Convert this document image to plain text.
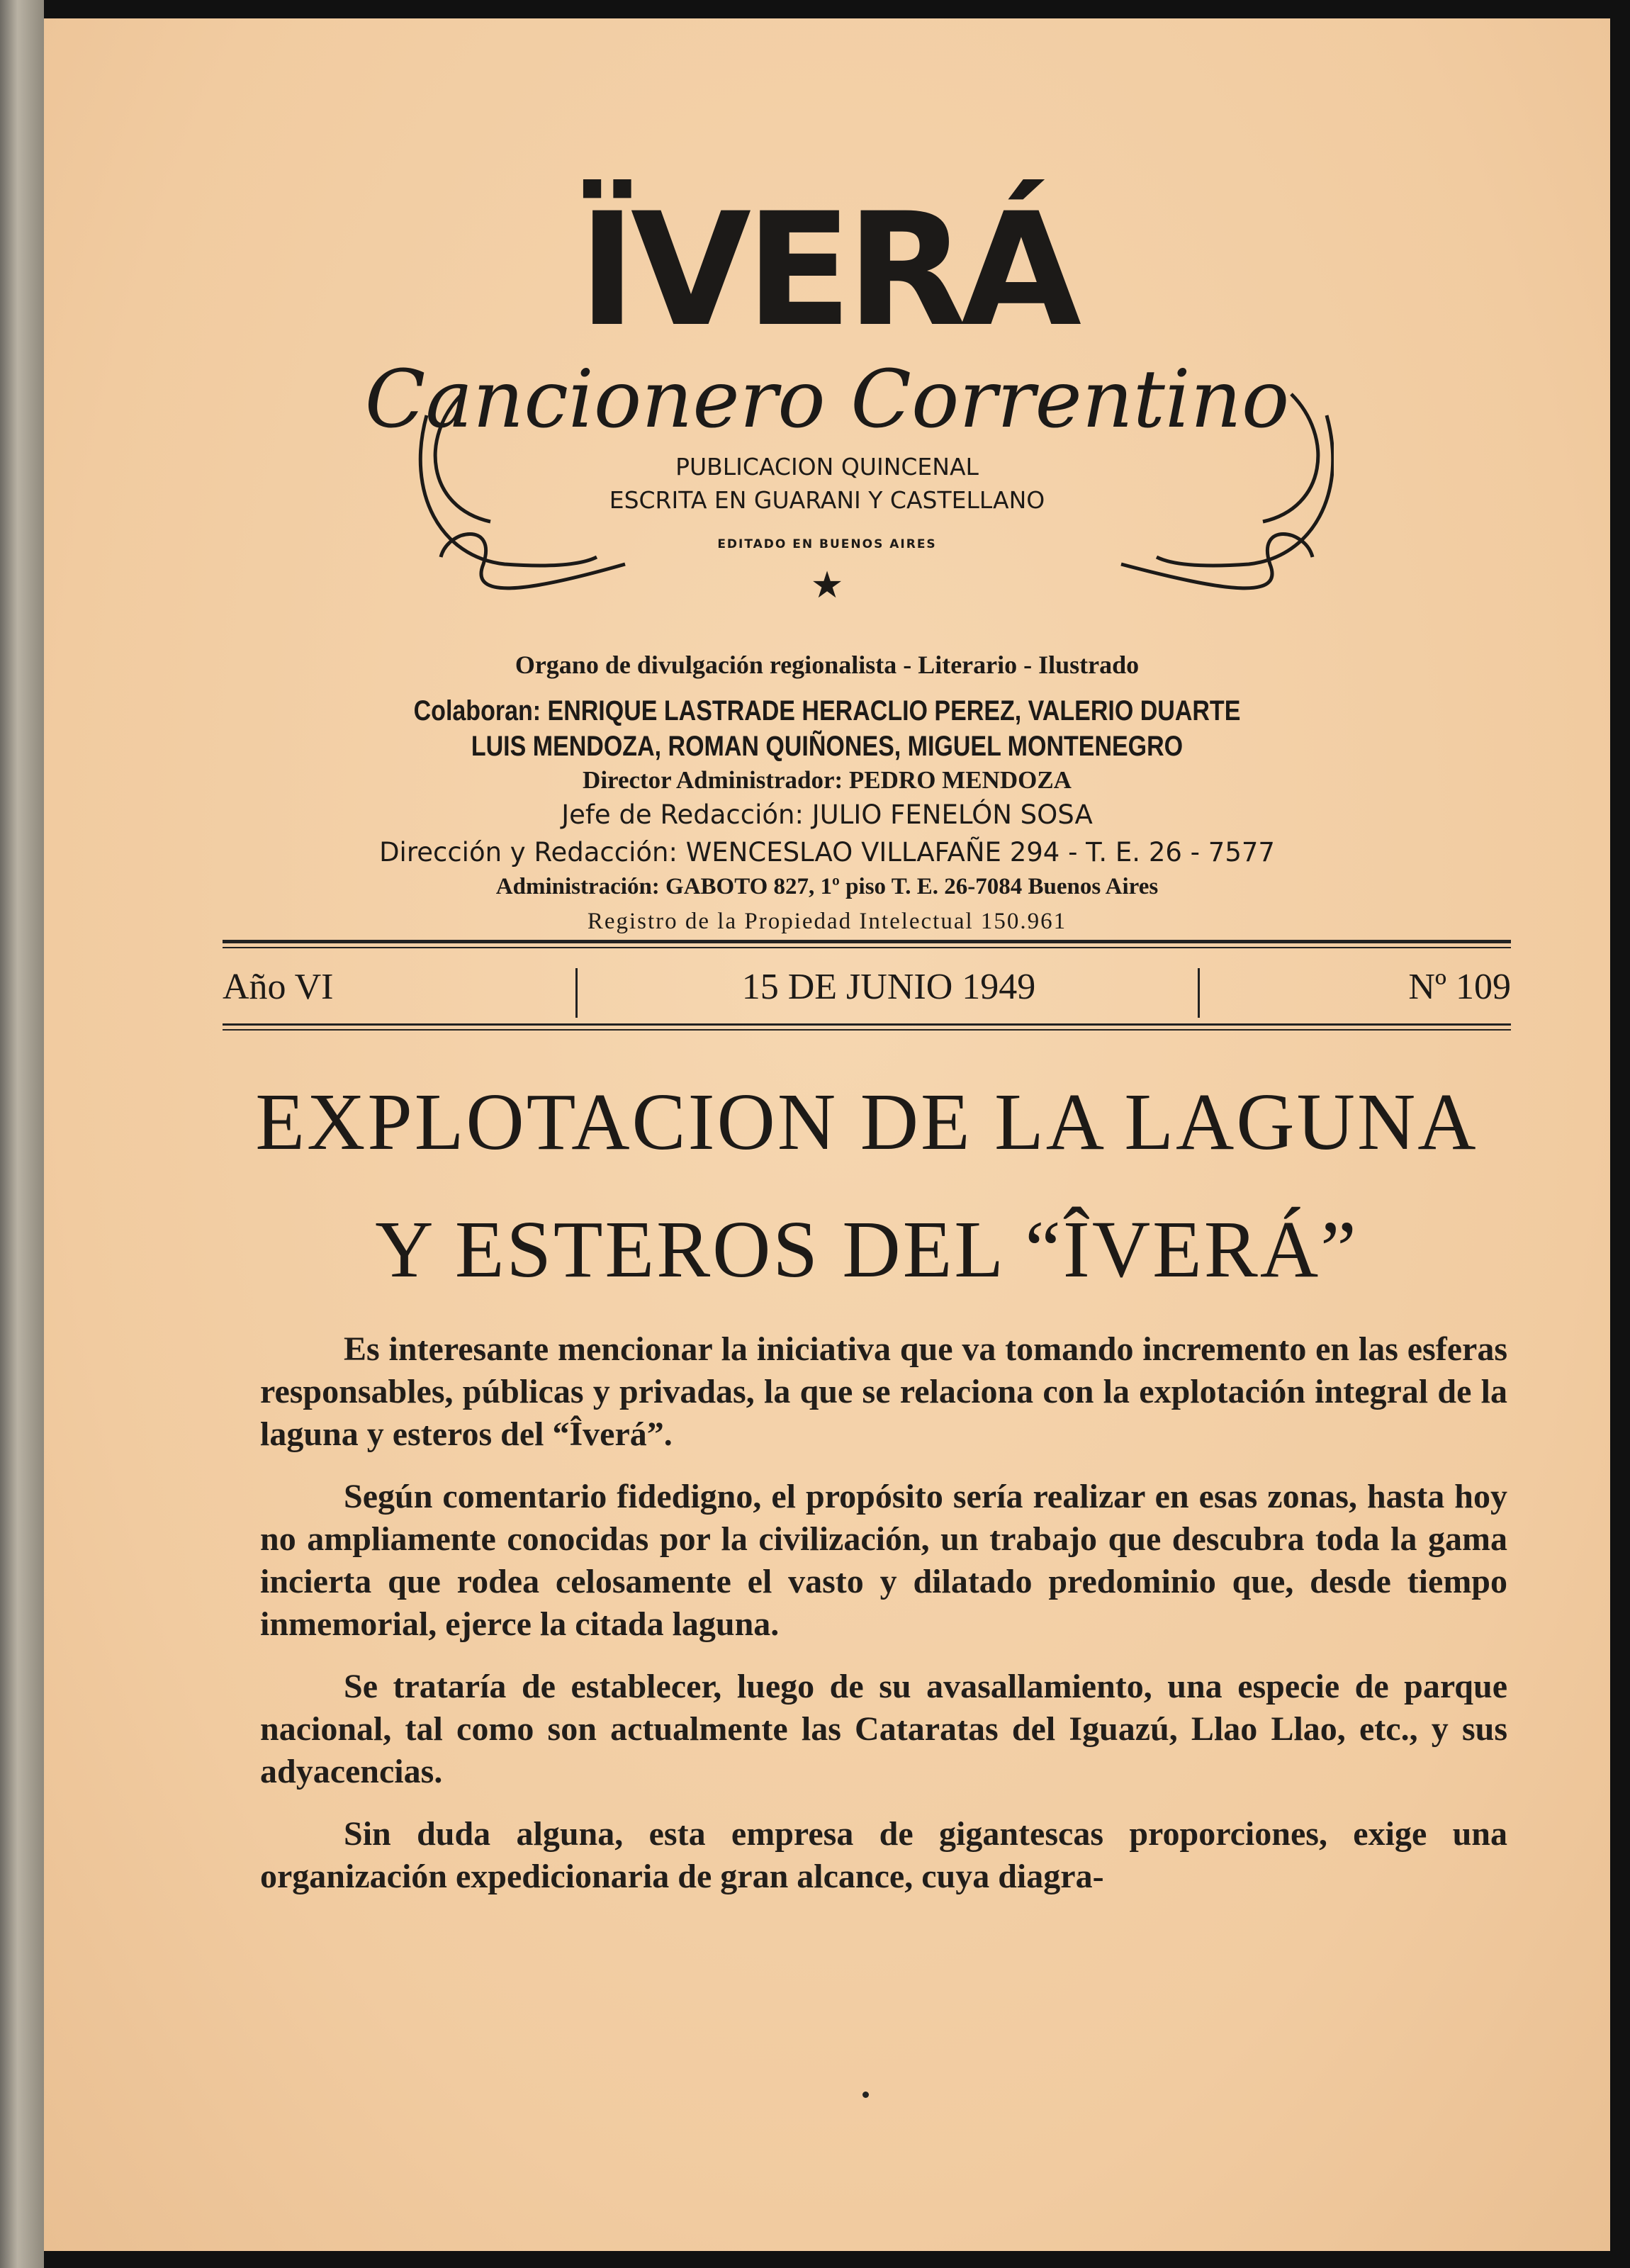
ÏVERÁ
Cancionero Correntino
PUBLICACION QUINCENAL
ESCRITA EN GUARANI Y CASTELLANO
EDITADO EN BUENOS AIRES
★
Organo de divulgación regionalista - Literario - Ilustrado
Colaboran: ENRIQUE LASTRADE HERACLIO PEREZ, VALERIO DUARTE
LUIS MENDOZA, ROMAN QUIÑONES, MIGUEL MONTENEGRO
Director Administrador: PEDRO MENDOZA
Jefe de Redacción: JULIO FENELÓN SOSA
Dirección y Redacción: WENCESLAO VILLAFAÑE 294 - T. E. 26 - 7577
Administración: GABOTO 827, 1º piso T. E. 26-7084 Buenos Aires
Registro de la Propiedad Intelectual 150.961
Año VI	15 DE JUNIO 1949	Nº 109
EXPLOTACION DE LA LAGUNA
Y ESTEROS DEL “ÎVERÁ”

Es interesante mencionar la iniciativa que va tomando incremento en las esferas responsables, públicas y privadas, la que se relaciona con la explotación integral de la laguna y esteros del “Îverá”.

Según comentario fidedigno, el propósito sería realizar en esas zonas, hasta hoy no ampliamente conocidas por la civilización, un trabajo que descubra toda la gama incierta que rodea celosamente el vasto y dilatado predominio que, desde tiempo inmemorial, ejerce la citada laguna.

Se trataría de establecer, luego de su avasallamiento, una especie de parque nacional, tal como son actualmente las Cataratas del Iguazú, Llao Llao, etc., y sus adyacencias.

Sin duda alguna, esta empresa de gigantescas proporciones, exige una organización expedicionaria de gran alcance, cuya diagra-
